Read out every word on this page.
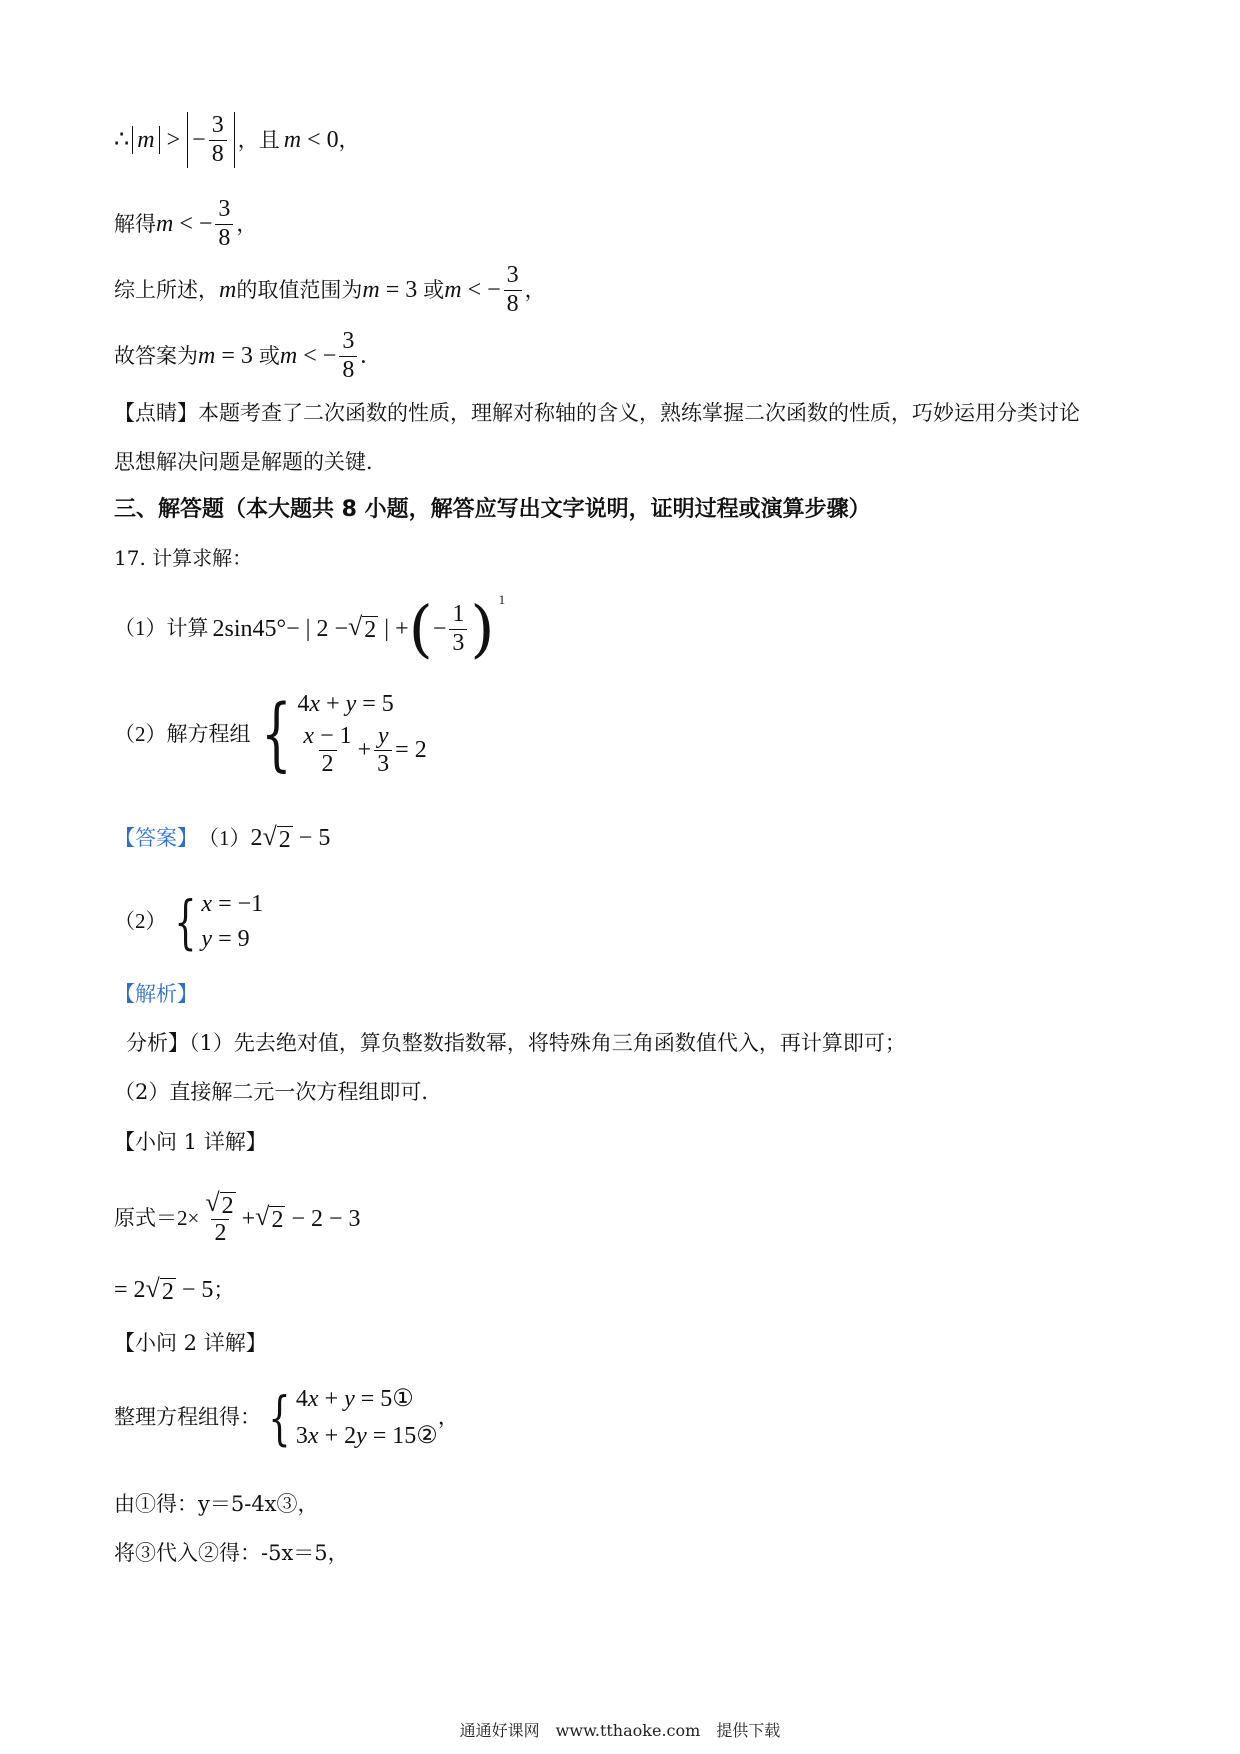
∴ m > − $\frac{3}{8}$ ，且 m < 0 ，
解得 m < − $\frac{3}{8}$ ，
综上所述， m 的取值范围为 m = 3 或 m < − $\frac{3}{8}$ ，
故答案为 m = 3 或 m < − $\frac{3}{8}$ .
【点睛】本题考查了二次函数的性质，理解对称轴的含义，熟练掌握二次函数的性质，巧妙运用分类讨论
思想解决问题是解题的关键．
三、解答题（本大题共 8 小题，解答应写出文字说明，证明过程或演算步骤）
17. 计算求解：
（1）计算 2sin45°− | 2 − √ 2 | + ( − $\frac{1}{3}$ ) 1
（2）解方程组 { 4x + y = 5
$\frac{x - 1}{2} + \frac{y}{3} = 2$
【答案】 （1） 2 √ 2 − 5
（2） { x = −1
y = 9
【解析】
分析】（1）先去绝对值，算负整数指数幂，将特殊角三角函数值代入，再计算即可；
（2）直接解二元一次方程组即可．
【小问 1 详解】
原式$=2\times \frac{√ 2}{2}$ + √ 2 − 2 − 3
= 2 √ 2 − 5 ；
【小问 2 详解】
整理方程组得： { 4x + y = 5①
3x + 2y = 15②
，
由①得：y＝5-4x③，
将③代入②得：-5x＝5，
通通好课网　www.tthaoke.com　提供下载
